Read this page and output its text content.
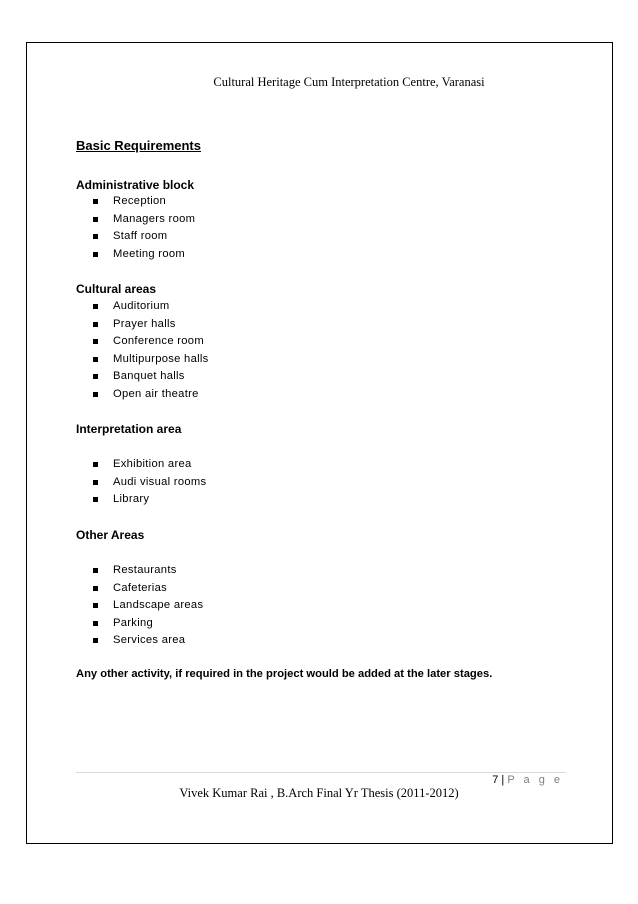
Cultural Heritage Cum Interpretation Centre, Varanasi
Basic Requirements
Administrative block
Reception
Managers room
Staff room
Meeting room
Cultural areas
Auditorium
Prayer halls
Conference room
Multipurpose halls
Banquet halls
Open air theatre
Interpretation area
Exhibition area
Audi visual rooms
Library
Other Areas
Restaurants
Cafeterias
Landscape areas
Parking
Services area
Any other activity, if required in the project would be added at the later stages.
7 | P a g e
Vivek Kumar Rai , B.Arch Final Yr Thesis (2011-2012)
